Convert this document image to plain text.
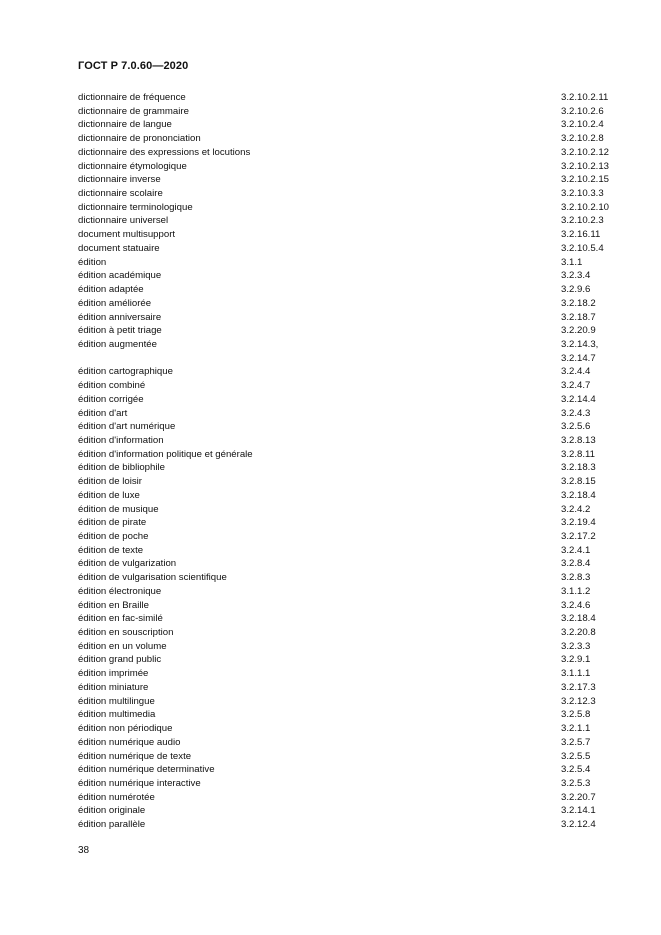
ГОСТ Р 7.0.60—2020
dictionnaire de fréquence	3.2.10.2.11
dictionnaire de grammaire	3.2.10.2.6
dictionnaire de langue	3.2.10.2.4
dictionnaire de prononciation	3.2.10.2.8
dictionnaire des expressions et locutions	3.2.10.2.12
dictionnaire étymologique	3.2.10.2.13
dictionnaire inverse	3.2.10.2.15
dictionnaire scolaire	3.2.10.3.3
dictionnaire terminologique	3.2.10.2.10
dictionnaire universel	3.2.10.2.3
document multisupport	3.2.16.11
document statuaire	3.2.10.5.4
édition	3.1.1
édition académique	3.2.3.4
édition adaptée	3.2.9.6
édition améliorée	3.2.18.2
édition anniversaire	3.2.18.7
édition à petit triage	3.2.20.9
édition augmentée	3.2.14.3,
3.2.14.7
édition cartographique	3.2.4.4
édition combiné	3.2.4.7
édition corrigée	3.2.14.4
édition d'art	3.2.4.3
édition d'art numérique	3.2.5.6
édition d'information	3.2.8.13
édition d'information politique et générale	3.2.8.11
édition de bibliophile	3.2.18.3
édition de loisir	3.2.8.15
édition de luxe	3.2.18.4
édition de musique	3.2.4.2
édition de pirate	3.2.19.4
édition de poche	3.2.17.2
édition de texte	3.2.4.1
édition de vulgarization	3.2.8.4
édition de vulgarisation scientifique	3.2.8.3
édition électronique	3.1.1.2
édition en Braille	3.2.4.6
édition en fac-similé	3.2.18.4
édition en souscription	3.2.20.8
édition en un volume	3.2.3.3
édition grand public	3.2.9.1
édition imprimée	3.1.1.1
édition miniature	3.2.17.3
édition multilingue	3.2.12.3
édition multimedia	3.2.5.8
édition non périodique	3.2.1.1
édition numérique audio	3.2.5.7
édition numérique de texte	3.2.5.5
édition numérique determinative	3.2.5.4
édition numérique interactive	3.2.5.3
édition numérotée	3.2.20.7
édition originale	3.2.14.1
édition parallèle	3.2.12.4
38
